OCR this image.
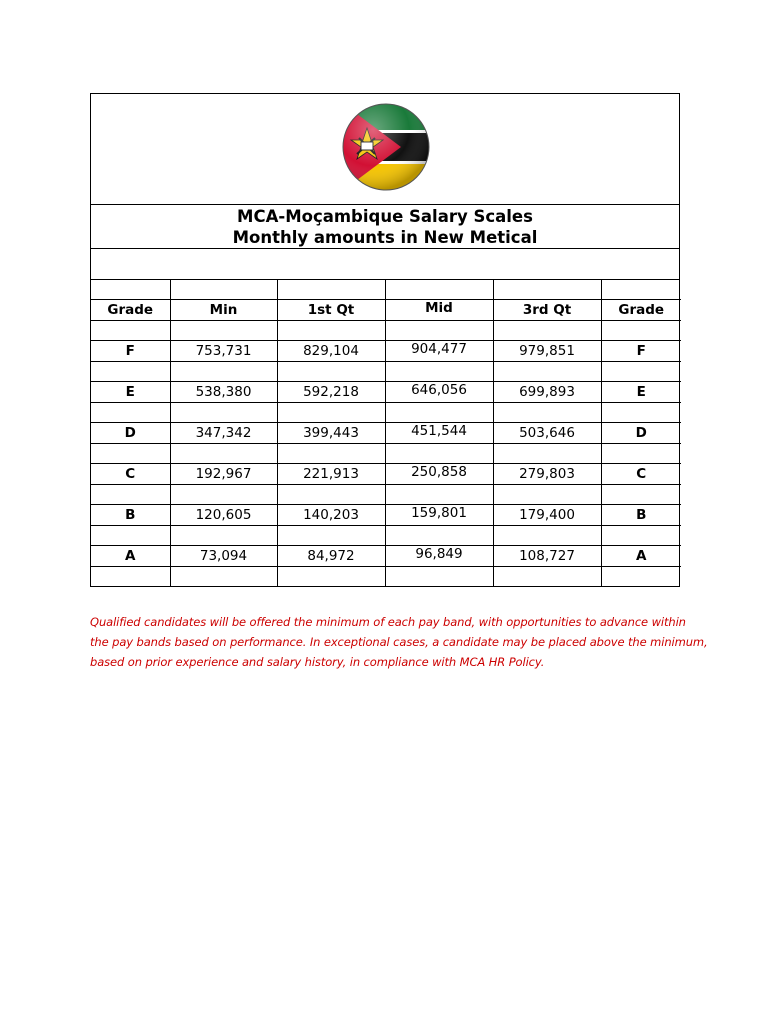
MCA-Moçambique Salary Scales
Monthly amounts in New Metical

Grade	Min	1st Qt	Mid	3rd Qt	Grade

F	753,731	829,104	904,477	979,851	F

E	538,380	592,218	646,056	699,893	E

D	347,342	399,443	451,544	503,646	D

C	192,967	221,913	250,858	279,803	C

B	120,605	140,203	159,801	179,400	B

A	73,094	84,972	96,849	108,727	A

Qualified candidates will be offered the minimum of each pay band, with opportunities to advance within
the pay bands based on performance. In exceptional cases, a candidate may be placed above the minimum,
based on prior experience and salary history, in compliance with MCA HR Policy.
